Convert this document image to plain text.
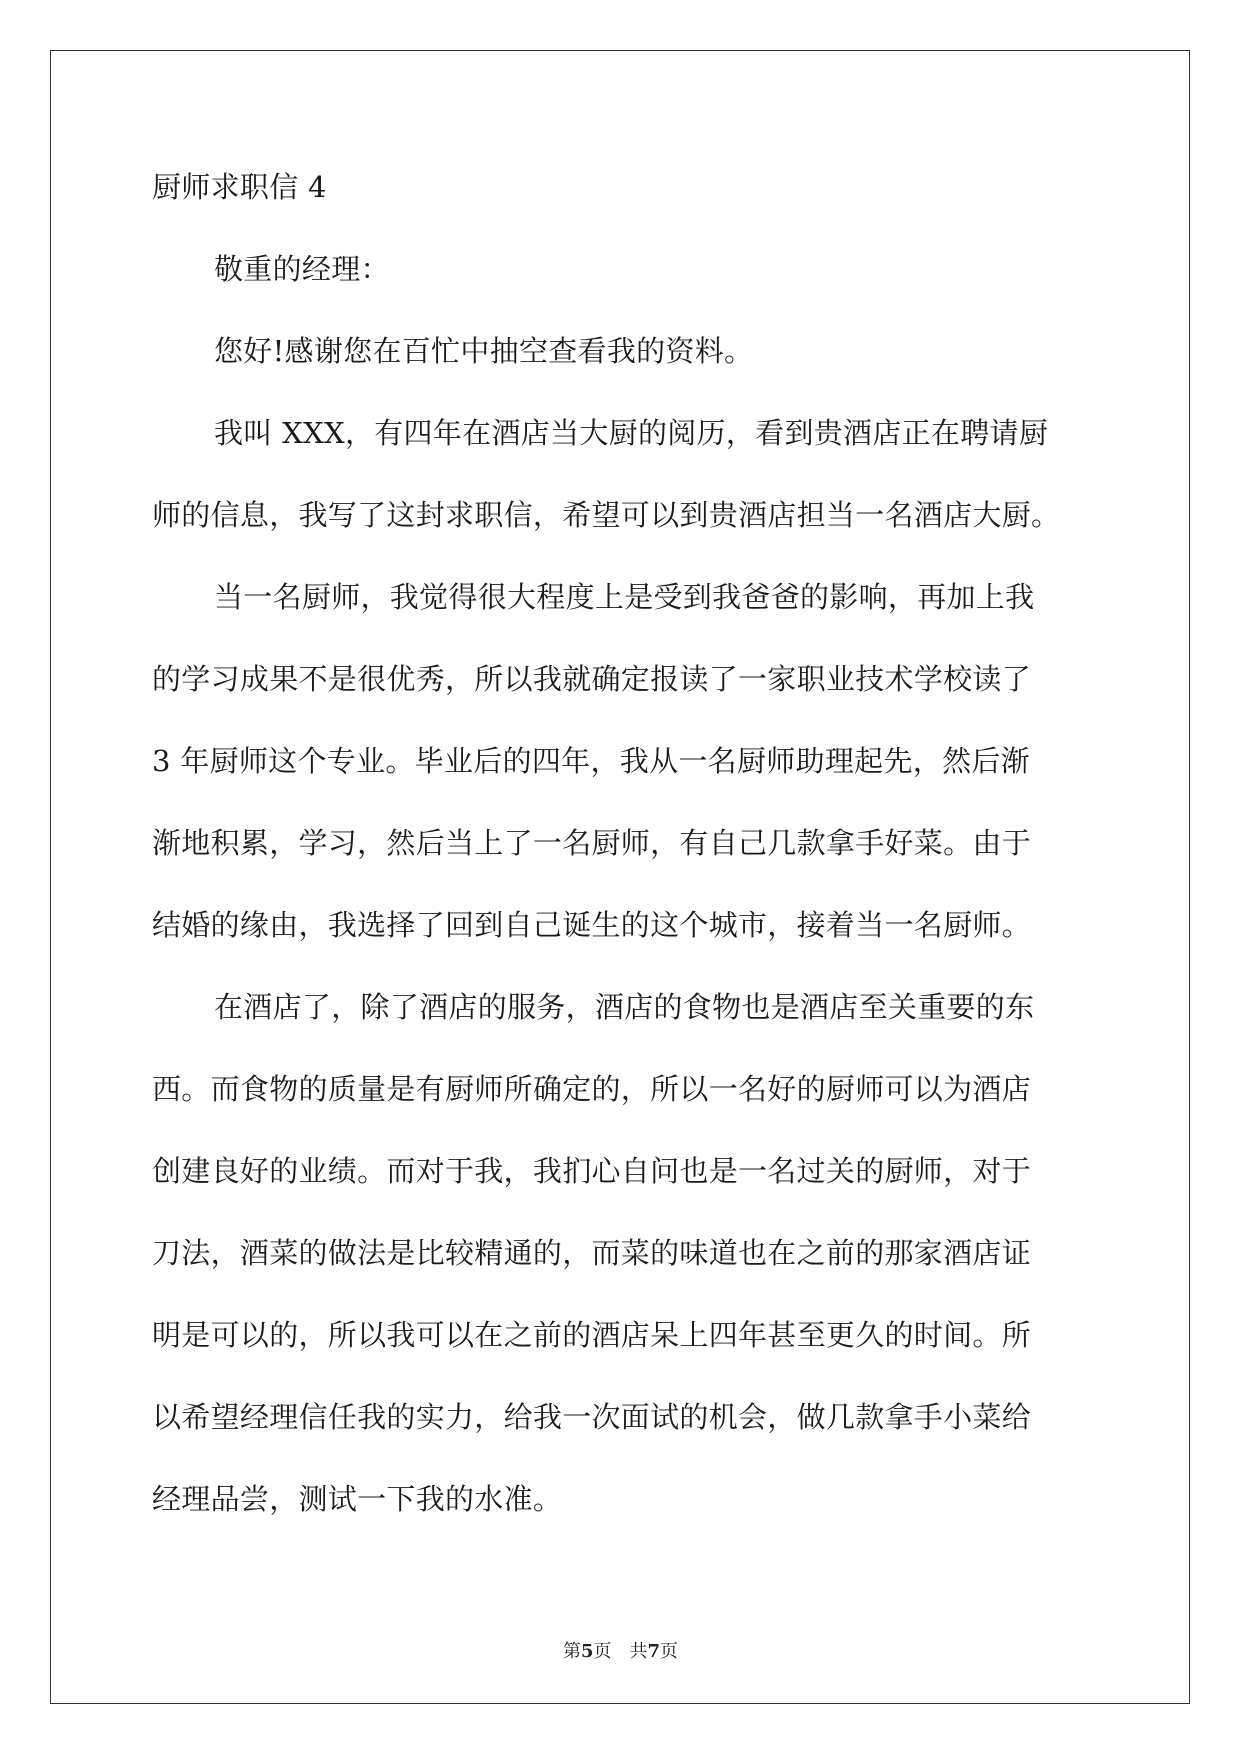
厨师求职信 4
敬重的经理：
您好!感谢您在百忙中抽空查看我的资料。
我叫 XXX，有四年在酒店当大厨的阅历，看到贵酒店正在聘请厨
师的信息，我写了这封求职信，希望可以到贵酒店担当一名酒店大厨。
当一名厨师，我觉得很大程度上是受到我爸爸的影响，再加上我
的学习成果不是很优秀，所以我就确定报读了一家职业技术学校读了
3 年厨师这个专业。毕业后的四年，我从一名厨师助理起先，然后渐
渐地积累，学习，然后当上了一名厨师，有自己几款拿手好菜。由于
结婚的缘由，我选择了回到自己诞生的这个城市，接着当一名厨师。
在酒店了，除了酒店的服务，酒店的食物也是酒店至关重要的东
西。而食物的质量是有厨师所确定的，所以一名好的厨师可以为酒店
创建良好的业绩。而对于我，我扪心自问也是一名过关的厨师，对于
刀法，酒菜的做法是比较精通的，而菜的味道也在之前的那家酒店证
明是可以的，所以我可以在之前的酒店呆上四年甚至更久的时间。所
以希望经理信任我的实力，给我一次面试的机会，做几款拿手小菜给
经理品尝，测试一下我的水准。
第5页 共7页
